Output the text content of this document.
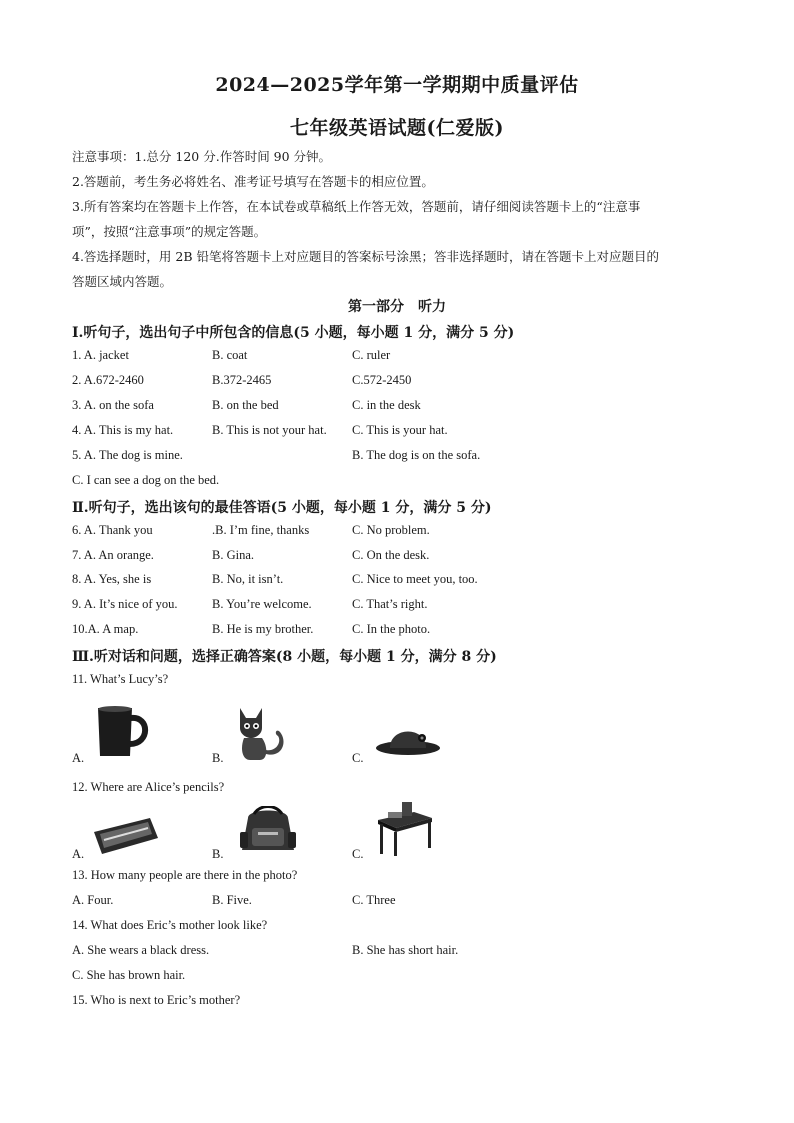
2024—2025学年第一学期期中质量评估
七年级英语试题(仁爱版)
注意事项：1.总分 120 分.作答时间 90 分钟。
2.答题前，考生务必将姓名、准考证号填写在答题卡的相应位置。
3.所有答案均在答题卡上作答，在本试卷或草稿纸上作答无效，答题前，请仔细阅读答题卡上的“注意事
项”，按照“注意事项”的规定答题。
4.答选择题时，用 2B 铅笔将答题卡上对应题目的答案标号涂黑；答非选择题时，请在答题卡上对应题目的
答题区域内答题。
第一部分　听力
Ⅰ.听句子，选出句子中所包含的信息(5 小题，每小题 1 分，满分 5 分)
1. A. jacket	B. coat	C. ruler
2. A.672-2460	B.372-2465	C.572-2450
3. A. on the sofa	B. on the bed	C. in the desk
4. A. This is my hat.	B. This is not your hat. C. This is your hat.
5. A. The dog is mine.	B. The dog is on the sofa.
C. I can see a dog on the bed.
Ⅱ.听句子，选出该句的最佳答语(5 小题，每小题 1 分，满分 5 分)
6. A. Thank you	.B. I’m fine, thanks	C. No problem.
7. A. An orange.	B. Gina.	C. On the desk.
8. A. Yes, she is	B. No, it isn’t.	C. Nice to meet you, too.
9. A. It’s nice of you.	B. You’re welcome.	C. That’s right.
10.A. A map.	B. He is my brother.	C. In the photo.
Ⅲ.听对话和问题，选择正确答案(8 小题，每小题 1 分，满分 8 分)
11. What’s Lucy’s?
A.	B.	C.
12. Where are Alice’s pencils?
A.	B.	C.
13. How many people are there in the photo?
A. Four.	B. Five.	C. Three
14. What does Eric’s mother look like?
A. She wears a black dress.	B. She has short hair.
C. She has brown hair.
15. Who is next to Eric’s mother?
